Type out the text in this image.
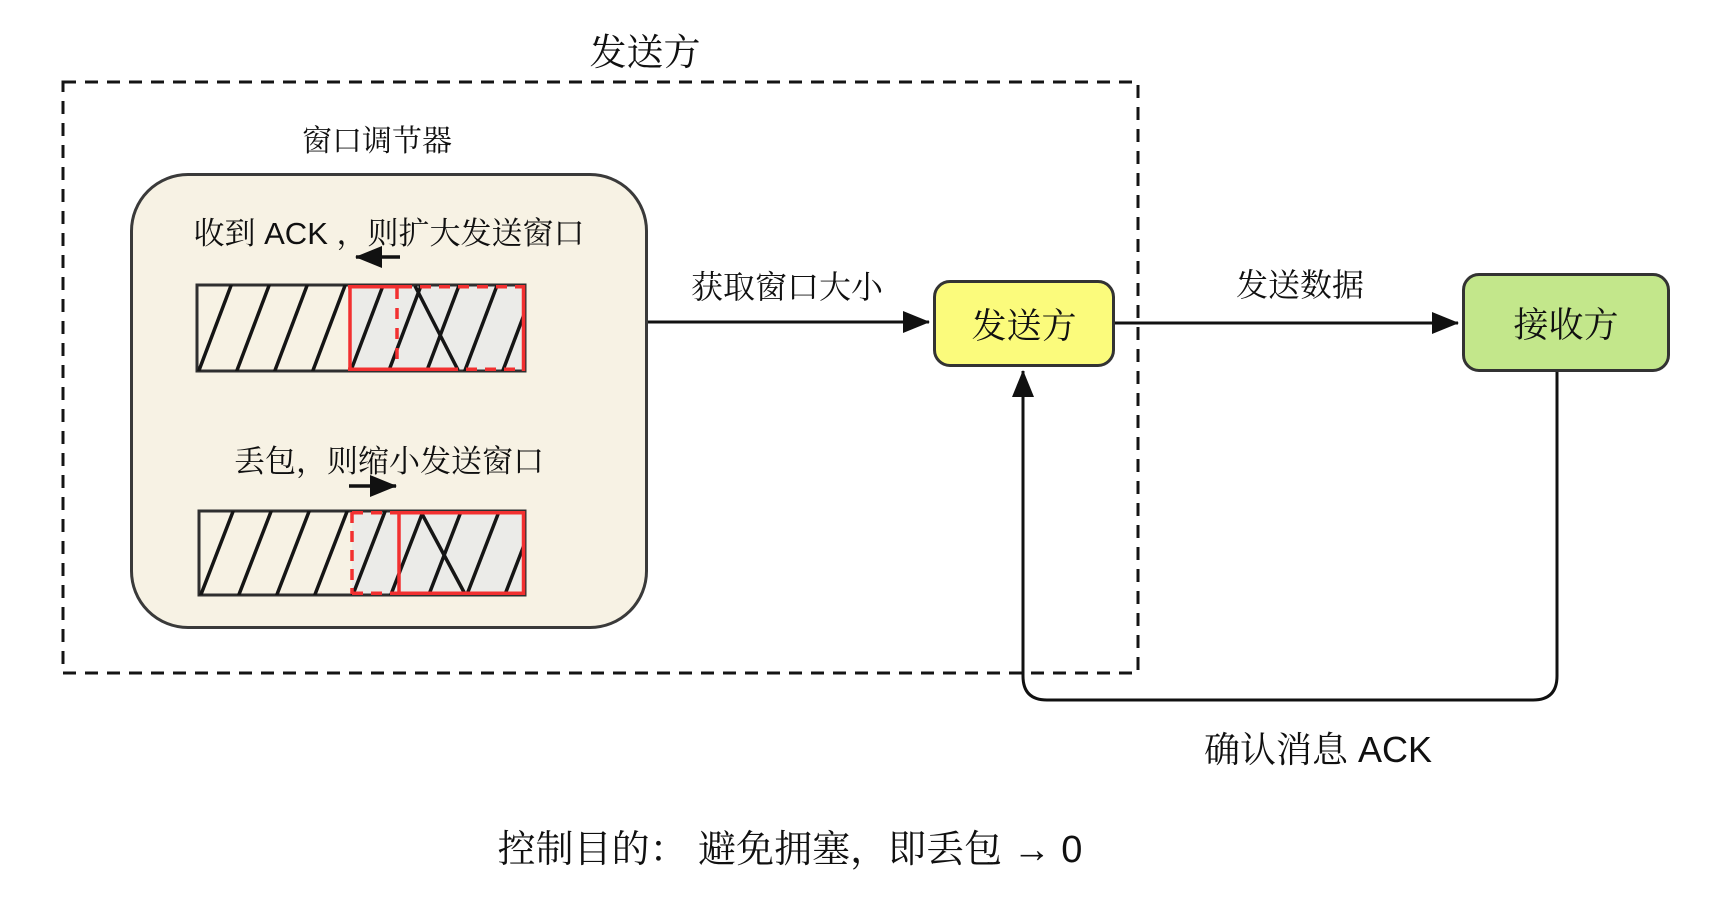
发送方
窗口调节器
收到 ACK ，则扩大发送窗口
丢包，则缩小发送窗口
发送方	接收方
获取窗口大小	发送数据
确认消息 ACK
控制目的： 避免拥塞，即丢包 → 0
